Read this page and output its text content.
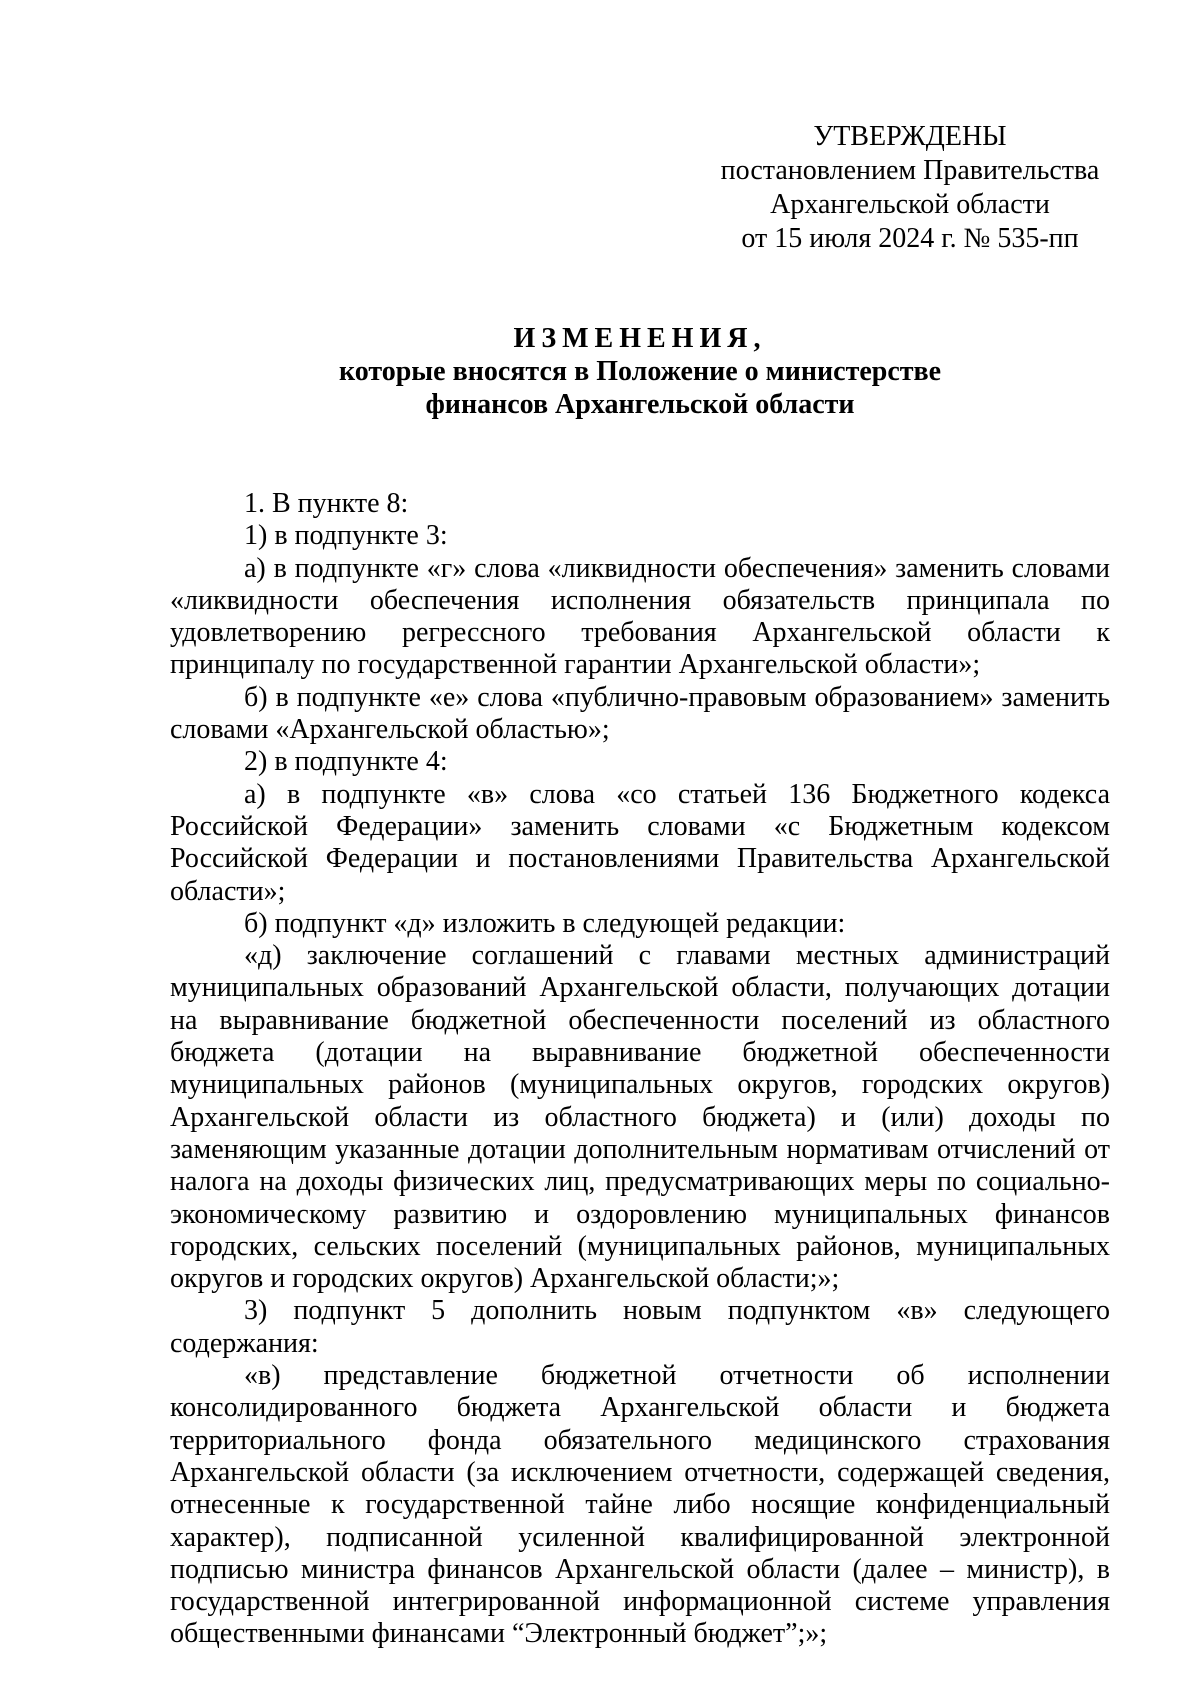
УТВЕРЖДЕНЫ
постановлением Правительства
Архангельской области
от 15 июля 2024 г. № 535-пп
ИЗМЕНЕНИЯ,
которые вносятся в Положение о министерстве
финансов Архангельской области

1. В пункте 8:

1) в подпункте 3:

а) в подпункте «г» слова «ликвидности обеспечения» заменить словами «ликвидности обеспечения исполнения обязательств принципала по удовлетворению регрессного требования Архангельской области к принципалу по государственной гарантии Архангельской области»;

б) в подпункте «е» слова «публично-правовым образованием» заменить словами «Архангельской областью»;

2) в подпункте 4:

а) в подпункте «в» слова «со статьей 136 Бюджетного кодекса Российской Федерации» заменить словами «с Бюджетным кодексом Российской Федерации и постановлениями Правительства Архангельской области»;

б) подпункт «д» изложить в следующей редакции:

«д) заключение соглашений с главами местных администраций муниципальных образований Архангельской области, получающих дотации на выравнивание бюджетной обеспеченности поселений из областного бюджета (дотации на выравнивание бюджетной обеспеченности муниципальных районов (муниципальных округов, городских округов) Архангельской области из областного бюджета) и (или) доходы по заменяющим указанные дотации дополнительным нормативам отчислений от налога на доходы физических лиц, предусматривающих меры по социально-экономическому развитию и оздоровлению муниципальных финансов городских, сельских поселений (муниципальных районов, муниципальных округов и городских округов) Архангельской области;»;

3) подпункт 5 дополнить новым подпунктом «в» следующего содержания:

«в) представление бюджетной отчетности об исполнении консолидированного бюджета Архангельской области и бюджета территориального фонда обязательного медицинского страхования Архангельской области (за исключением отчетности, содержащей сведения, отнесенные к государственной тайне либо носящие конфиденциальный характер), подписанной усиленной квалифицированной электронной подписью министра финансов Архангельской области (далее – министр), в государственной интегрированной информационной системе управления общественными финансами “Электронный бюджет”;»;
